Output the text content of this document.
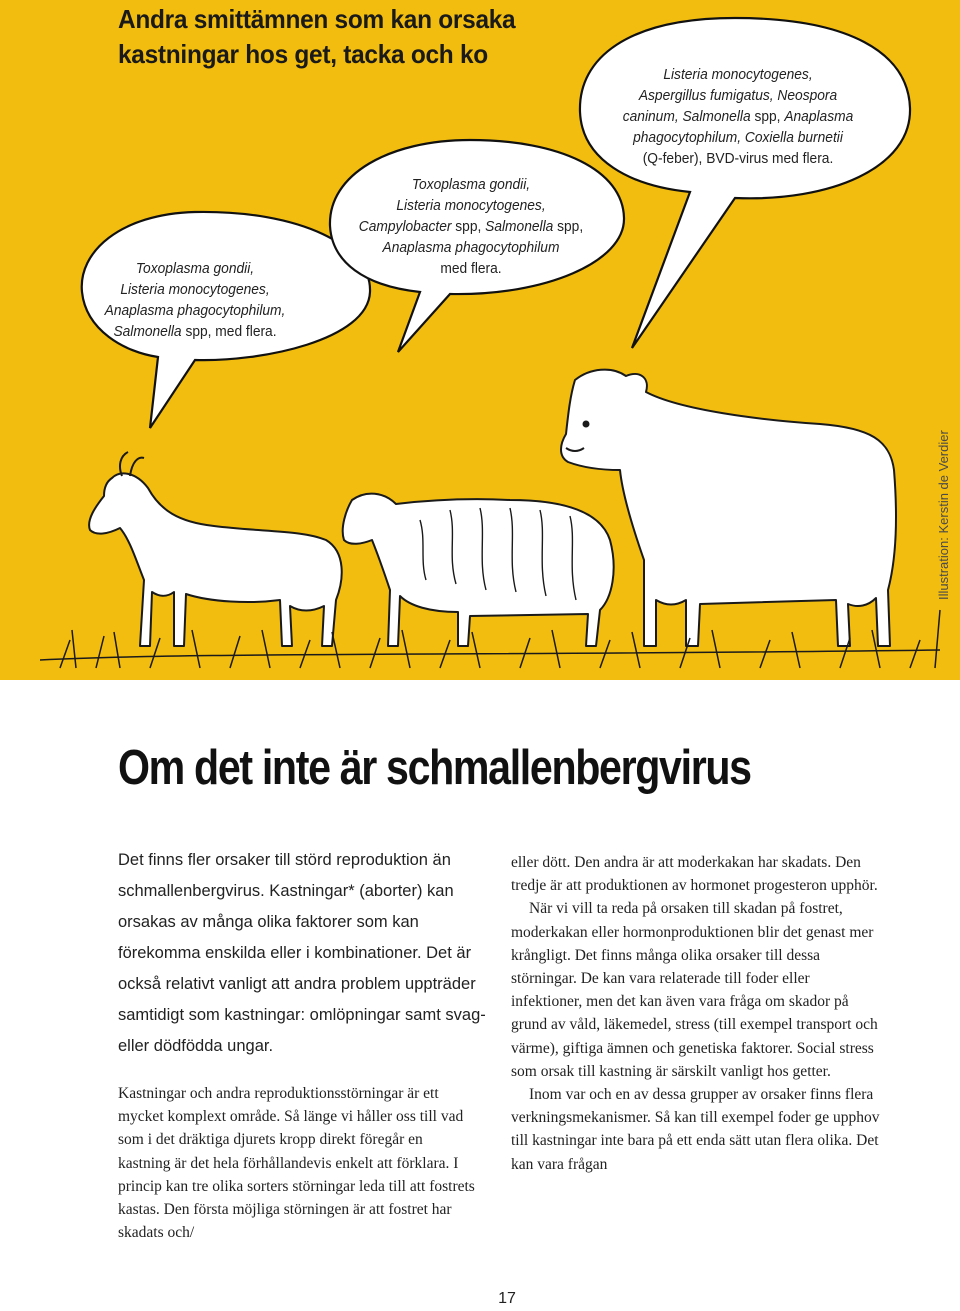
Andra smittämnen som kan orsaka
kastningar hos get, tacka och ko

Toxoplasma gondii,
Listeria monocytogenes,
Anaplasma phagocytophilum,
Salmonella spp, med flera.

Toxoplasma gondii,
Listeria monocytogenes,
Campylobacter spp, Salmonella spp,
Anaplasma phagocytophilum
med flera.

Listeria monocytogenes,
Aspergillus fumigatus, Neospora
caninum, Salmonella spp, Anaplasma
phagocytophilum, Coxiella burnetii
(Q-feber), BVD-virus med flera.

Illustration: Kerstin de Verdier
Om det inte är schmallenbergvirus

Det finns fler orsaker till störd reproduktion än schmallenbergvirus. Kastningar* (aborter) kan orsakas av många olika faktorer som kan förekomma enskilda eller i kombinationer. Det är också relativt vanligt att andra problem uppträder samtidigt som kastningar: omlöpningar samt svag- eller dödfödda ungar.

Kastningar och andra reproduktionsstörningar är ett mycket komplext område. Så länge vi håller oss till vad som i det dräktiga djurets kropp direkt föregår en kastning är det hela förhållandevis enkelt att förklara. I princip kan tre olika sorters störningar leda till att fostrets kastas. Den första möjliga störningen är att fostret har skadats och/

eller dött. Den andra är att moderkakan har skadats. Den tredje är att produktionen av hormonet progesteron upphör.

När vi vill ta reda på orsaken till skadan på fostret, moderkakan eller hormonproduktionen blir det genast mer krångligt. Det finns många olika orsaker till dessa störningar. De kan vara relaterade till foder eller infektioner, men det kan även vara fråga om skador på grund av våld, läkemedel, stress (till exempel transport och värme), giftiga ämnen och genetiska faktorer. Social stress som orsak till kastning är särskilt vanligt hos getter.

Inom var och en av dessa grupper av orsaker finns flera verkningsmekanismer. Så kan till exempel foder ge upphov till kastningar inte bara på ett enda sätt utan flera olika. Det kan vara frågan

17
